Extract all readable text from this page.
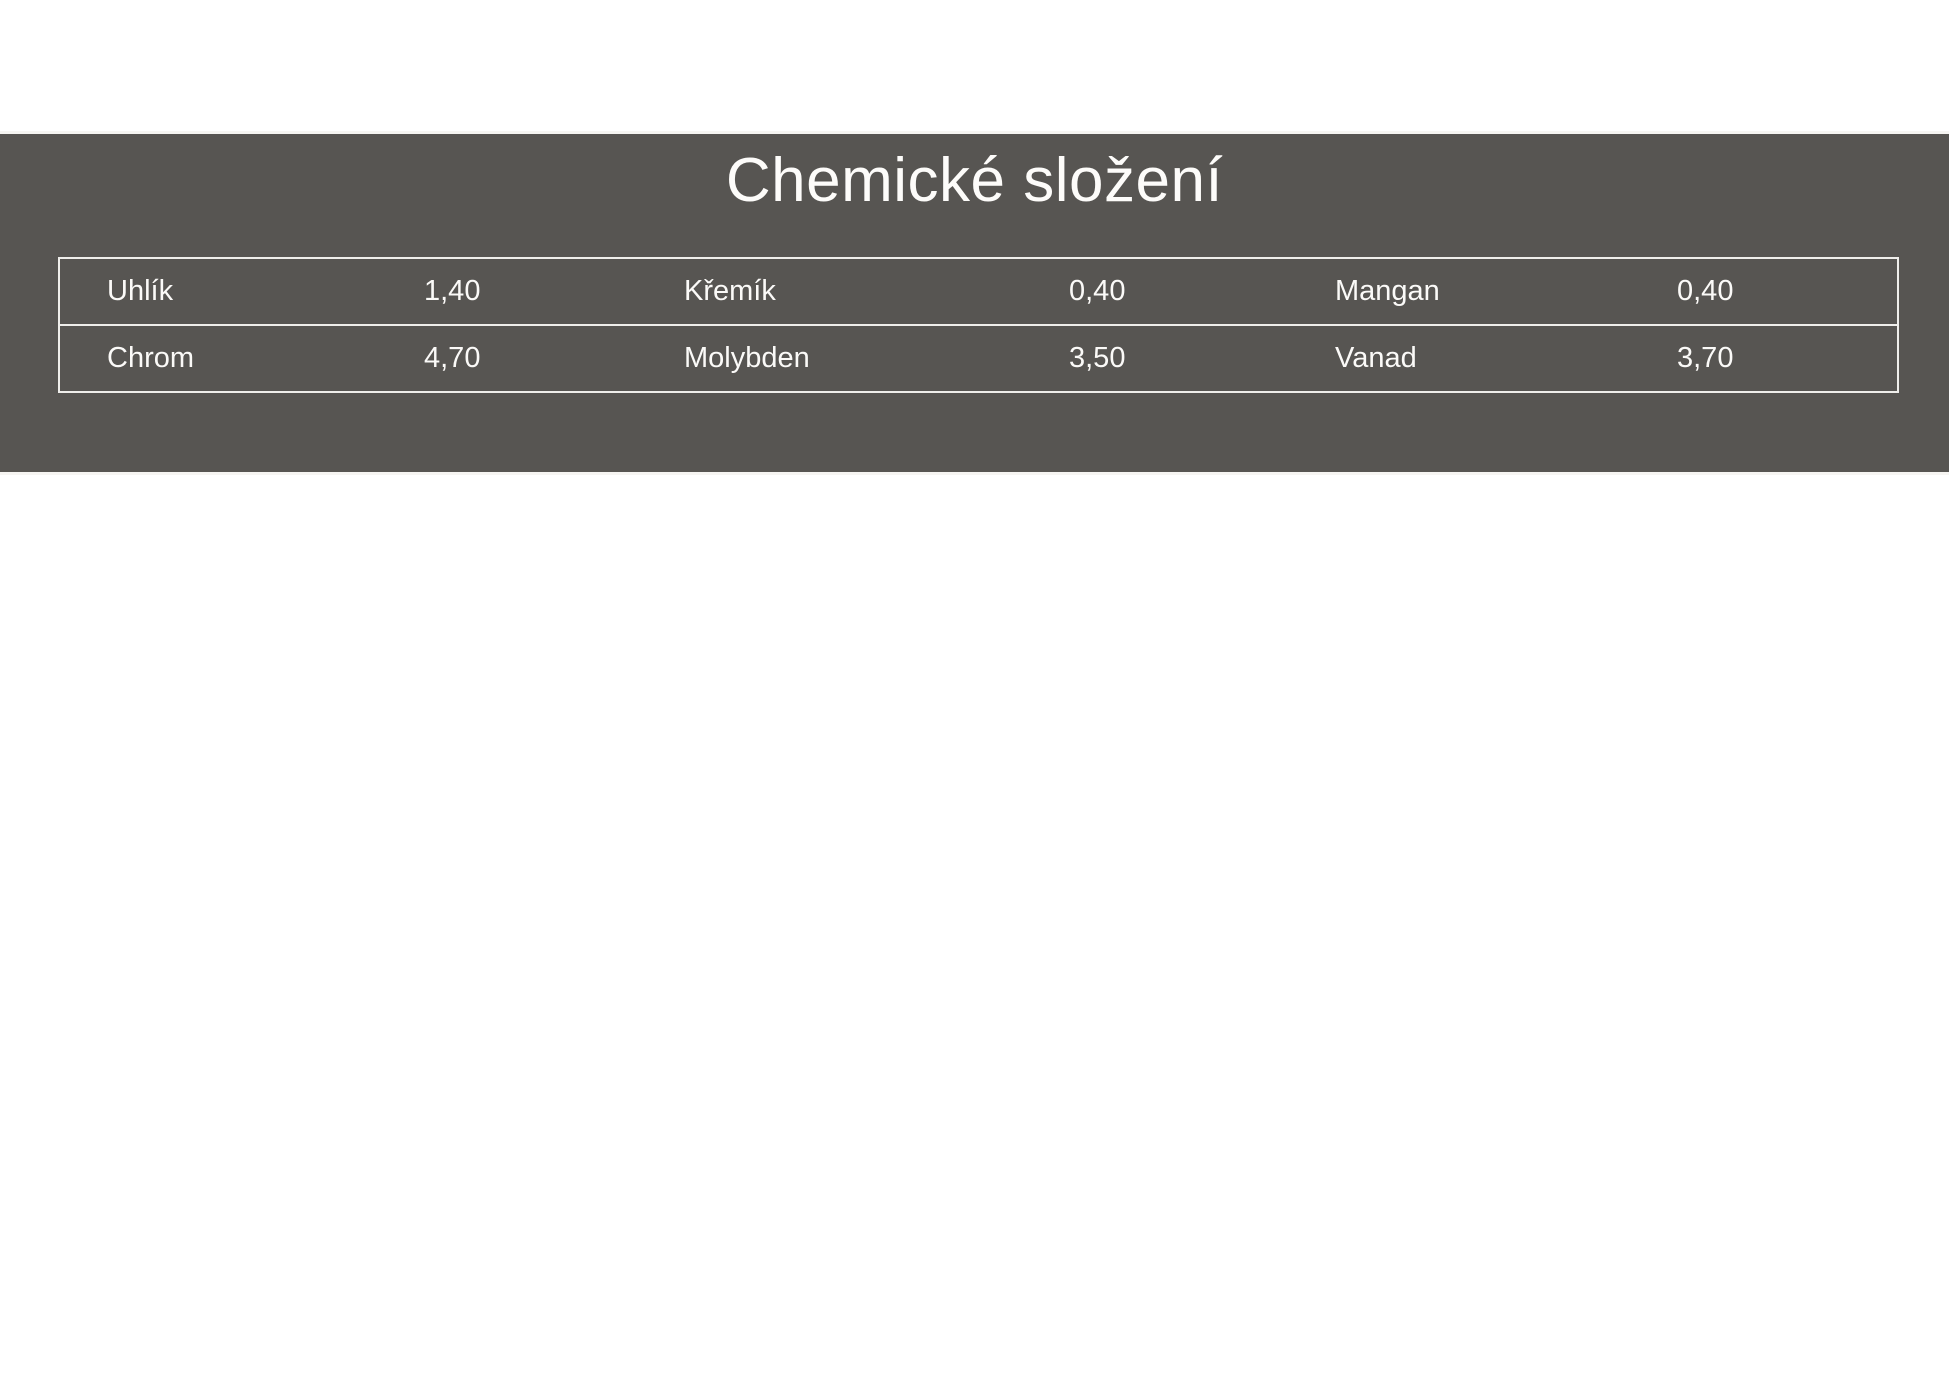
Chemické složení
Uhlík	1,40	Křemík	0,40	Mangan	0,40
Chrom	4,70	Molybden	3,50	Vanad	3,70
